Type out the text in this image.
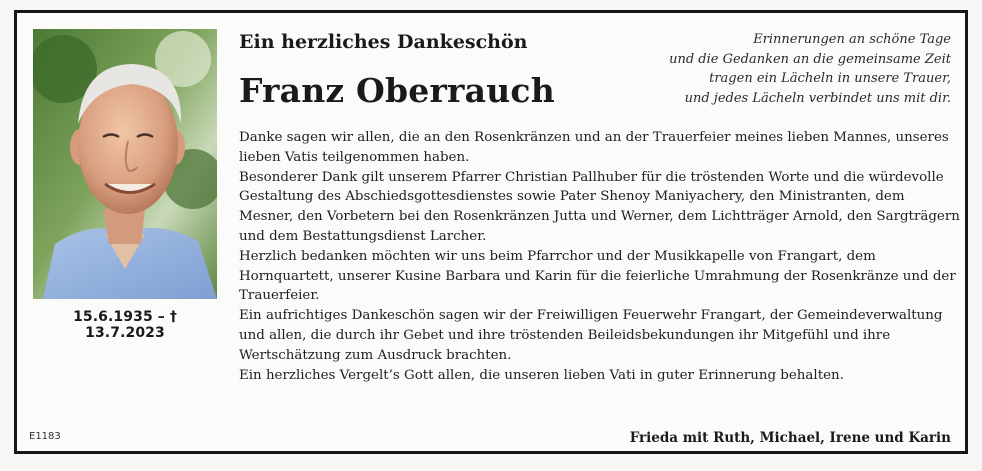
15.6.1935 – † 13.7.2023
E1183
Ein herzliches Dankeschön
Franz Oberrauch
Erinnerungen an schöne Tage
und die Gedanken an die gemeinsame Zeit
tragen ein Lächeln in unsere Trauer,
und jedes Lächeln verbindet uns mit dir.

Danke sagen wir allen, die an den Rosenkränzen und an der Trauerfeier meines lieben Mannes, unseres lieben Vatis teilgenommen haben.

Besonderer Dank gilt unserem Pfarrer Christian Pallhuber für die tröstenden Worte und die würdevolle Gestaltung des Abschiedsgottesdienstes sowie Pater Shenoy Maniyachery, den Ministranten, dem Mesner, den Vorbetern bei den Rosenkränzen Jutta und Werner, dem Lichtträger Arnold, den Sargträgern und dem Bestattungsdienst Larcher.

Herzlich bedanken möchten wir uns beim Pfarrchor und der Musikkapelle von Frangart, dem Hornquartett, unserer Kusine Barbara und Karin für die feierliche Umrahmung der Rosenkränze und der Trauerfeier.

Ein aufrichtiges Dankeschön sagen wir der Freiwilligen Feuerwehr Frangart, der Gemeindeverwaltung und allen, die durch ihr Gebet und ihre tröstenden Beileidsbekundungen ihr Mitgefühl und ihre Wertschätzung zum Ausdruck brachten.

Ein herzliches Vergelt’s Gott allen, die unseren lieben Vati in guter Erinnerung behalten.

Frieda mit Ruth, Michael, Irene und Karin
